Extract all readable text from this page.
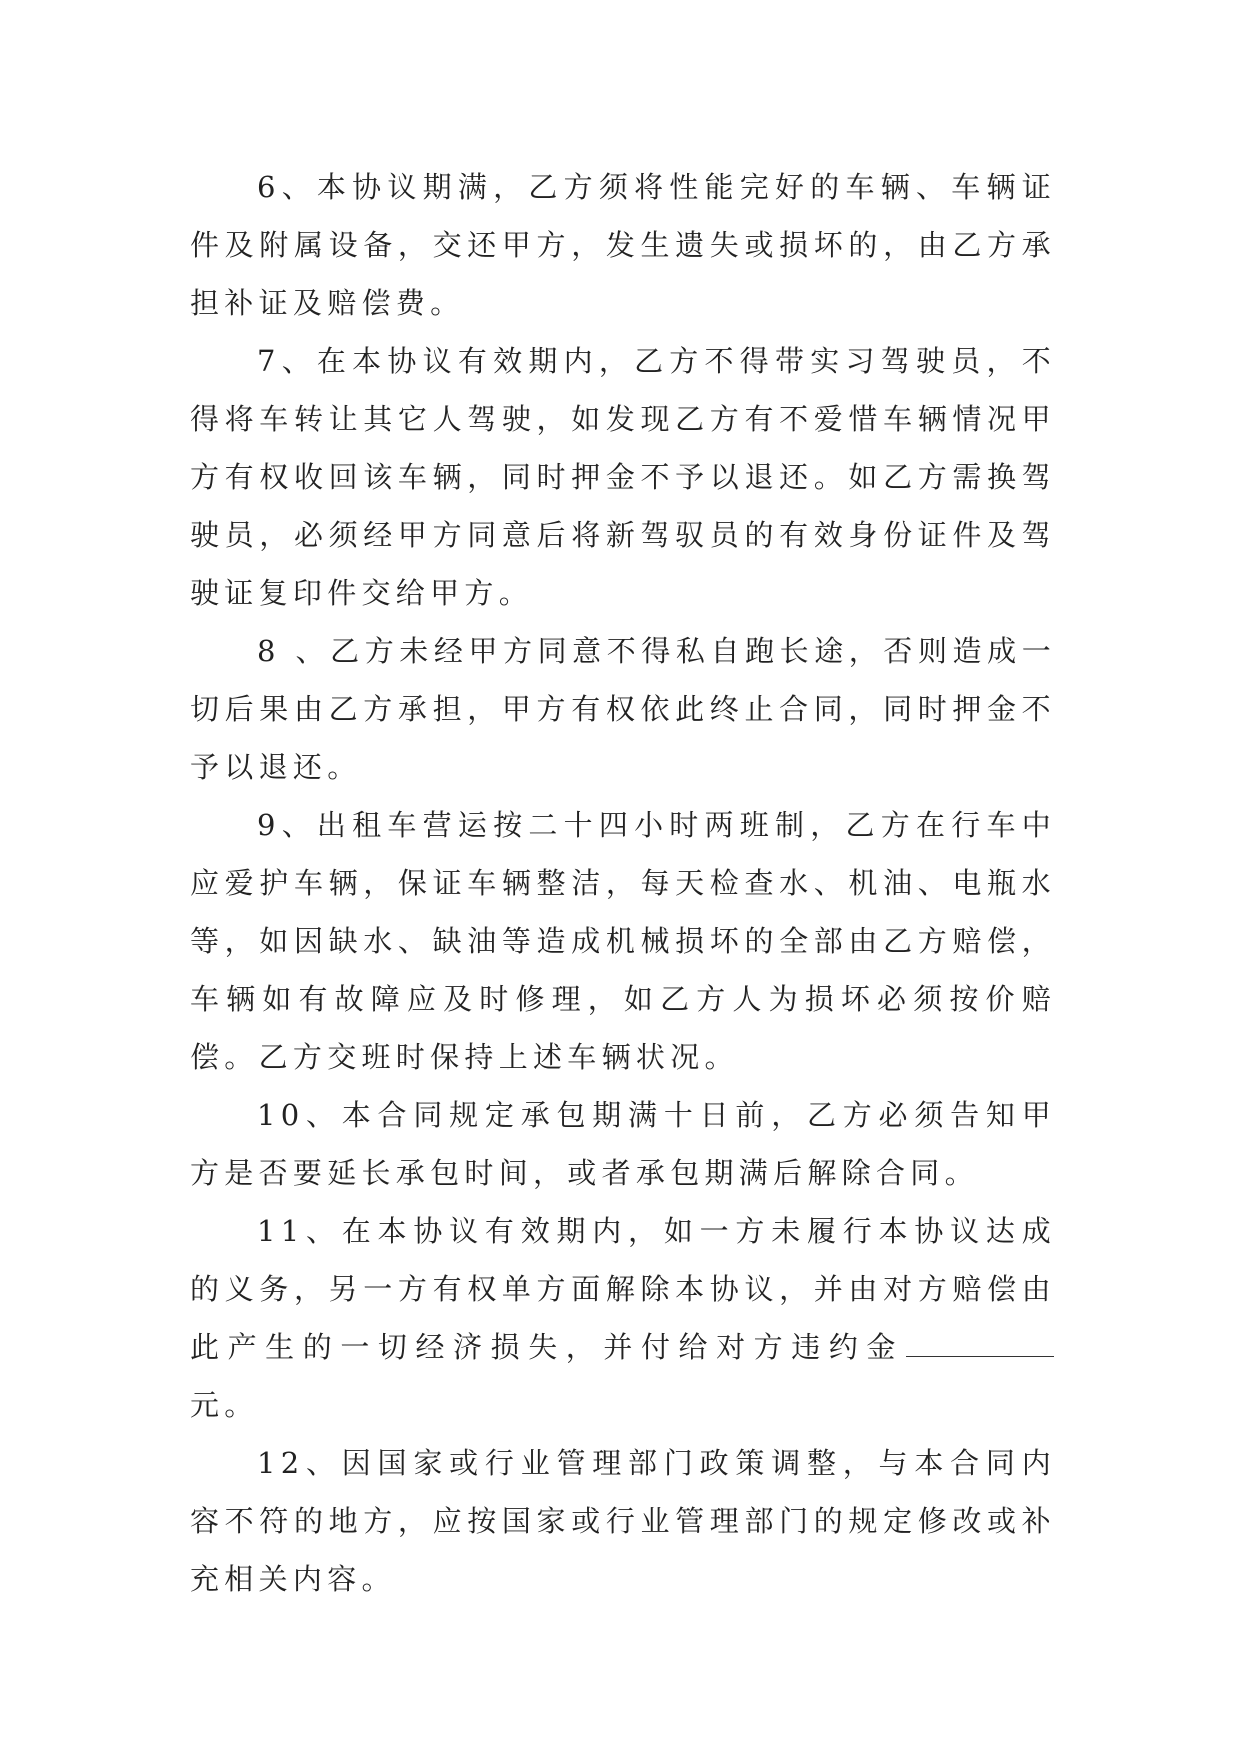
6、本协议期满，乙方须将性能完好的车辆、车辆证件及附属设备，交还甲方，发生遗失或损坏的，由乙方承担补证及赔偿费。

7、在本协议有效期内，乙方不得带实习驾驶员，不得将车转让其它人驾驶，如发现乙方有不爱惜车辆情况甲方有权收回该车辆，同时押金不予以退还。如乙方需换驾驶员，必须经甲方同意后将新驾驭员的有效身份证件及驾驶证复印件交给甲方。

8 、乙方未经甲方同意不得私自跑长途，否则造成一切后果由乙方承担，甲方有权依此终止合同，同时押金不予以退还。

9、出租车营运按二十四小时两班制，乙方在行车中应爱护车辆，保证车辆整洁，每天检查水、机油、电瓶水等，如因缺水、缺油等造成机械损坏的全部由乙方赔偿，车辆如有故障应及时修理，如乙方人为损坏必须按价赔偿。乙方交班时保持上述车辆状况。

10、本合同规定承包期满十日前，乙方必须告知甲方是否要延长承包时间，或者承包期满后解除合同。

11、在本协议有效期内，如一方未履行本协议达成的义务，另一方有权单方面解除本协议，并由对方赔偿由此产生的一切经济损失，并付给对方违约金元。

12、因国家或行业管理部门政策调整，与本合同内容不符的地方，应按国家或行业管理部门的规定修改或补充相关内容。
